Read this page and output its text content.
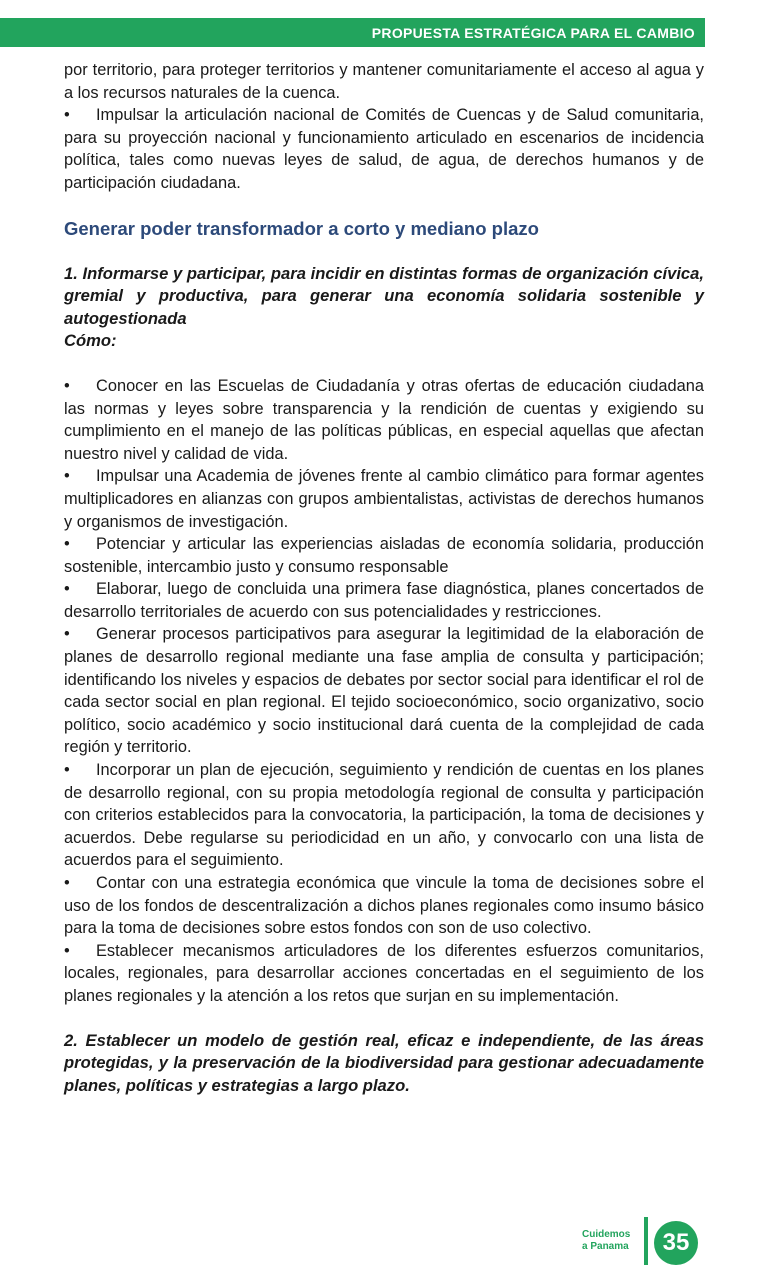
PROPUESTA ESTRATÉGICA PARA EL CAMBIO

por territorio, para proteger territorios y mantener comunitariamente el acceso al agua y a los recursos naturales de la cuenca.

• Impulsar la articulación nacional de Comités de Cuencas y de Salud comunitaria, para su proyección nacional y funcionamiento articulado en escenarios de incidencia política, tales como nuevas leyes de salud, de agua, de derechos humanos y de participación ciudadana.

Generar poder transformador a corto y mediano plazo
1. Informarse y participar, para incidir en distintas formas de organización cívica, gremial y productiva, para generar una economía solidaria sostenible y autogestionada
Cómo:

• Conocer en las Escuelas de Ciudadanía y otras ofertas de educación ciudadana las normas y leyes sobre transparencia y la rendición de cuentas y exigiendo su cumplimiento en el manejo de las políticas públicas, en especial aquellas que afectan nuestro nivel y calidad de vida.

• Impulsar una Academia de jóvenes frente al cambio climático para formar agentes multiplicadores en alianzas con grupos ambientalistas, activistas de derechos humanos y organismos de investigación.

• Potenciar y articular las experiencias aisladas de economía solidaria, producción sostenible, intercambio justo y consumo responsable

• Elaborar, luego de concluida una primera fase diagnóstica, planes concertados de desarrollo territoriales de acuerdo con sus potencialidades y restricciones.

• Generar procesos participativos para asegurar la legitimidad de la elaboración de planes de desarrollo regional mediante una fase amplia de consulta y participación; identificando los niveles y espacios de debates por sector social para identificar el rol de cada sector social en plan regional. El tejido socioeconómico, socio organizativo, socio político, socio académico y socio institucional dará cuenta de la complejidad de cada región y territorio.

• Incorporar un plan de ejecución, seguimiento y rendición de cuentas en los planes de desarrollo regional, con su propia metodología regional de consulta y participación con criterios establecidos para la convocatoria, la participación, la toma de decisiones y acuerdos. Debe regularse su periodicidad en un año, y convocarlo con una lista de acuerdos para el seguimiento.

• Contar con una estrategia económica que vincule la toma de decisiones sobre el uso de los fondos de descentralización a dichos planes regionales como insumo básico para la toma de decisiones sobre estos fondos con son de uso colectivo.

• Establecer mecanismos articuladores de los diferentes esfuerzos comunitarios, locales, regionales, para desarrollar acciones concertadas en el seguimiento de los planes regionales y la atención a los retos que surjan en su implementación.

2. Establecer un modelo de gestión real, eficaz e independiente, de las áreas protegidas, y la preservación de la biodiversidad para gestionar adecuadamente planes, políticas y estrategias a largo plazo.
Cuidemos
a Panama	35
